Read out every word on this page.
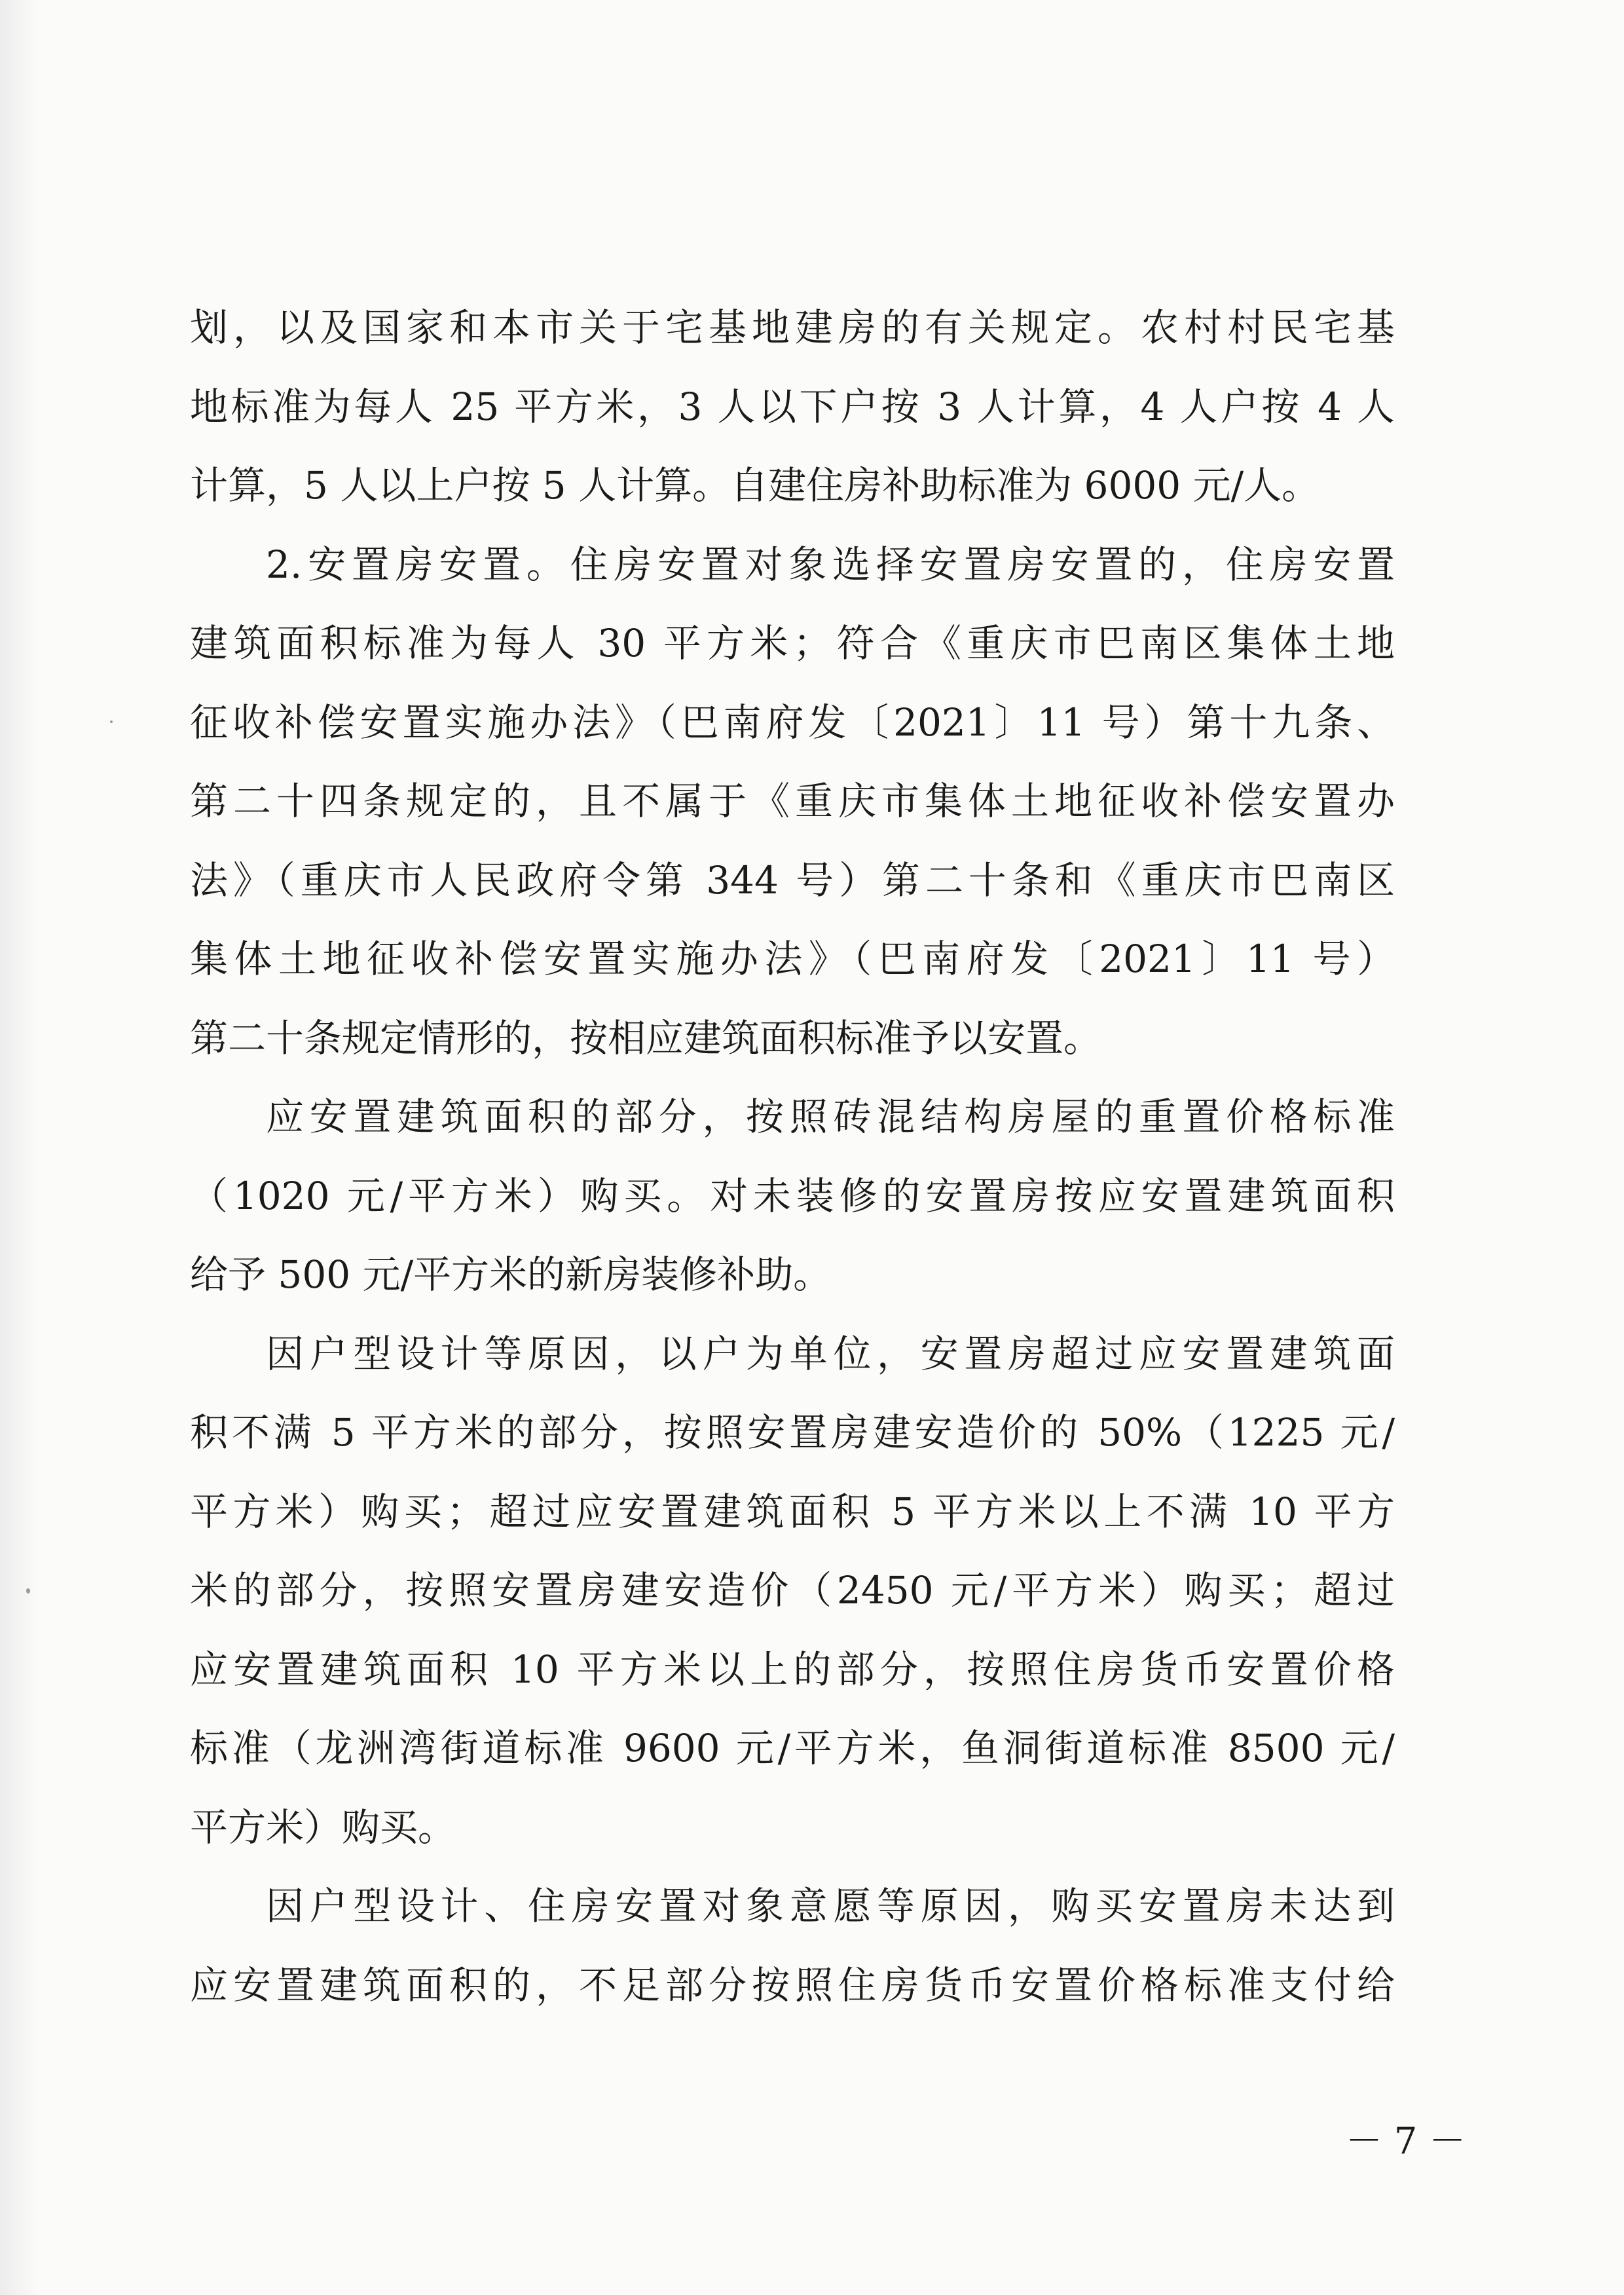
划，以及国家和本市关于宅基地建房的有关规定。农村村民宅基
地标准为每人 25 平方米，3 人以下户按 3 人计算，4 人户按 4 人
计算，5 人以上户按 5 人计算。自建住房补助标准为 6000 元/人。
2.安置房安置。住房安置对象选择安置房安置的，住房安置
建筑面积标准为每人 30 平方米；符合《重庆市巴南区集体土地
征收补偿安置实施办法》（巴南府发〔2021〕11 号）第十九条、
第二十四条规定的，且不属于《重庆市集体土地征收补偿安置办
法》（重庆市人民政府令第 344 号）第二十条和《重庆市巴南区
集体土地征收补偿安置实施办法》（巴南府发〔2021〕11 号）
第二十条规定情形的，按相应建筑面积标准予以安置。
应安置建筑面积的部分，按照砖混结构房屋的重置价格标准
（1020 元/平方米）购买。对未装修的安置房按应安置建筑面积
给予 500 元/平方米的新房装修补助。
因户型设计等原因，以户为单位，安置房超过应安置建筑面
积不满 5 平方米的部分，按照安置房建安造价的 50%（1225 元/
平方米）购买；超过应安置建筑面积 5 平方米以上不满 10 平方
米的部分，按照安置房建安造价（2450 元/平方米）购买；超过
应安置建筑面积 10 平方米以上的部分，按照住房货币安置价格
标准（龙洲湾街道标准 9600 元/平方米，鱼洞街道标准 8500 元/
平方米）购买。
因户型设计、住房安置对象意愿等原因，购买安置房未达到
应安置建筑面积的，不足部分按照住房货币安置价格标准支付给
－ 7 －
